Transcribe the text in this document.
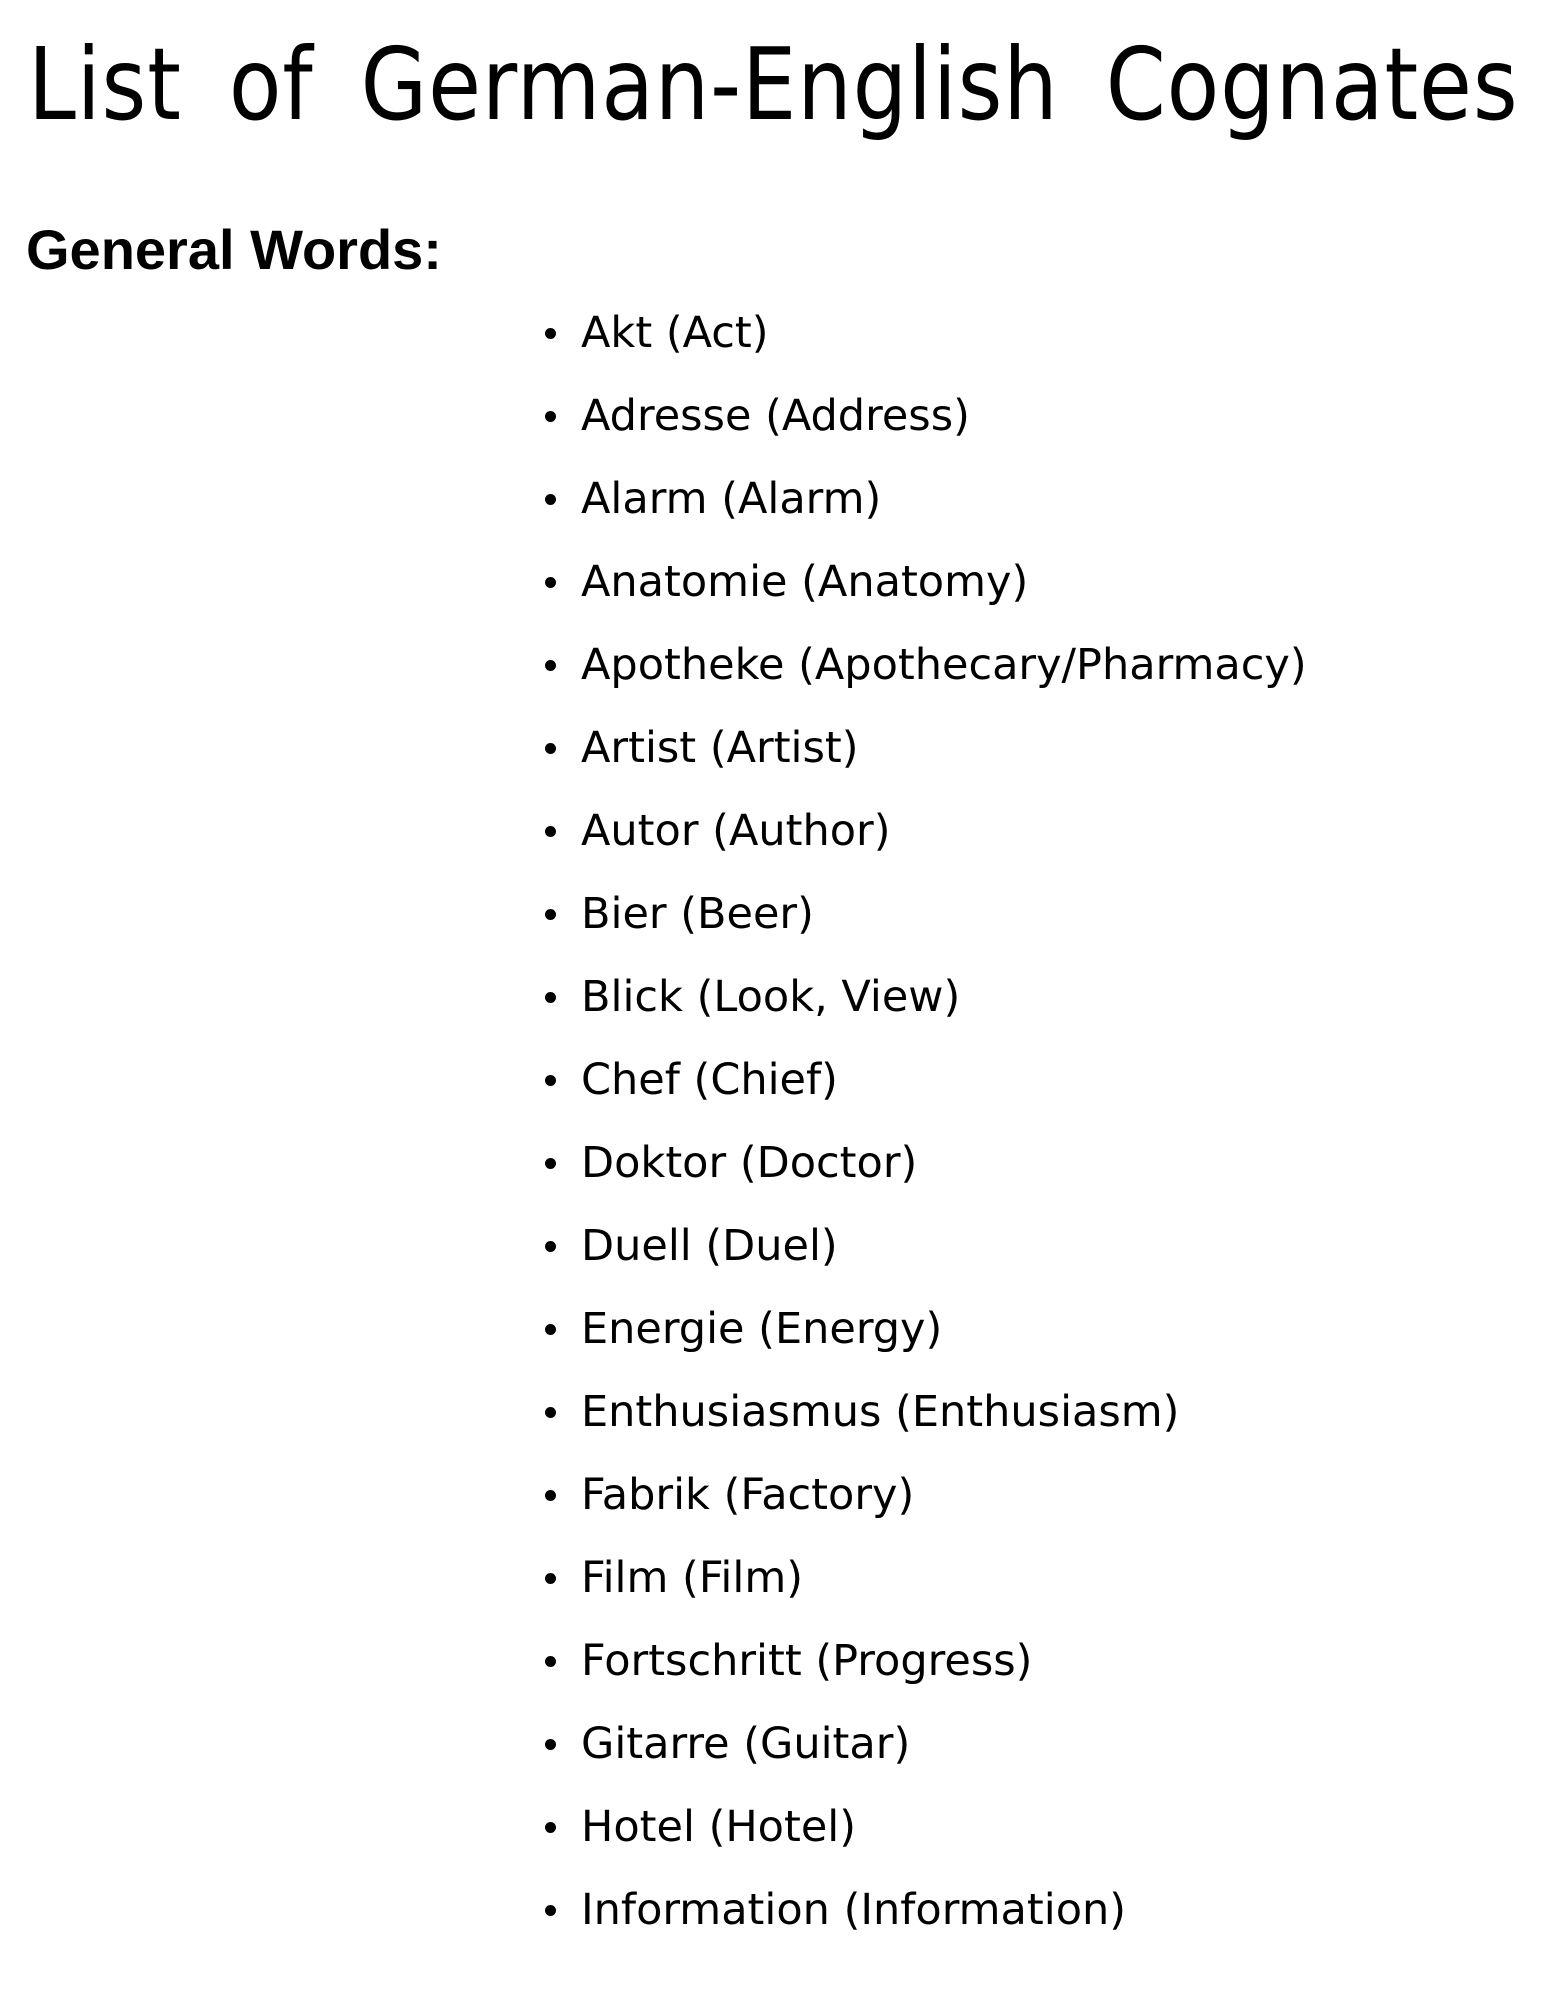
List of German-English Cognates
General Words:
Akt (Act)
Adresse (Address)
Alarm (Alarm)
Anatomie (Anatomy)
Apotheke (Apothecary/Pharmacy)
Artist (Artist)
Autor (Author)
Bier (Beer)
Blick (Look, View)
Chef (Chief)
Doktor (Doctor)
Duell (Duel)
Energie (Energy)
Enthusiasmus (Enthusiasm)
Fabrik (Factory)
Film (Film)
Fortschritt (Progress)
Gitarre (Guitar)
Hotel (Hotel)
Information (Information)
